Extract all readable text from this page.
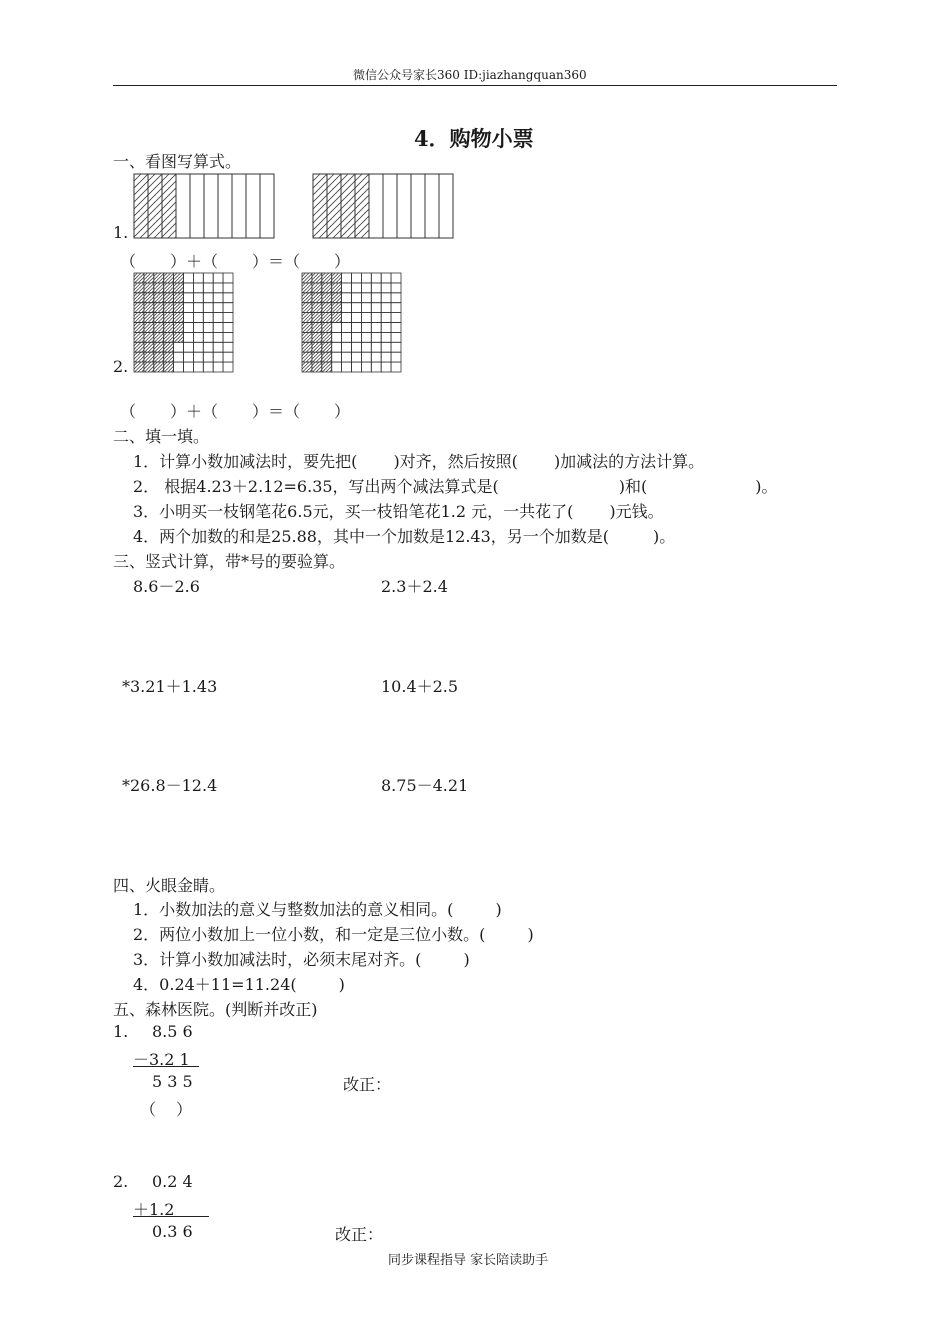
微信公众号家长360 ID:jiazhangquan360
4．购物小票
一、看图写算式。
1.
（ ）＋（ ）＝（ ）
2.
（ ）＋（ ）＝（ ）
二、填一填。
1．计算小数加减法时，要先把( )对齐，然后按照( )加减法的方法计算。
2． 根据4.23＋2.12=6.35，写出两个减法算式是(	)和(	)。
3．小明买一枝钢笔花6.5元，买一枝铅笔花1.2 元，一共花了( )元钱。
4．两个加数的和是25.88，其中一个加数是12.43，另一个加数是(	)。
三、竖式计算，带*号的要验算。
8.6－2.6	2.3＋2.4
*3.21＋1.43	10.4＋2.5
*26.8－12.4	8.75－4.21
四、火眼金睛。
1．小数加法的意义与整数加法的意义相同。(	)
2．两位小数加上一位小数，和一定是三位小数。(	)
3．计算小数加减法时，必须末尾对齐。(	)
4．0.24＋11=11.24(	)
五、森林医院。(判断并改正)
1. 8.5 6
－3.2 1
5 3 5	改正：
（ ）
2. 0.2 4
＋1.2
0.3 6	改正：
同步课程指导 家长陪读助手
